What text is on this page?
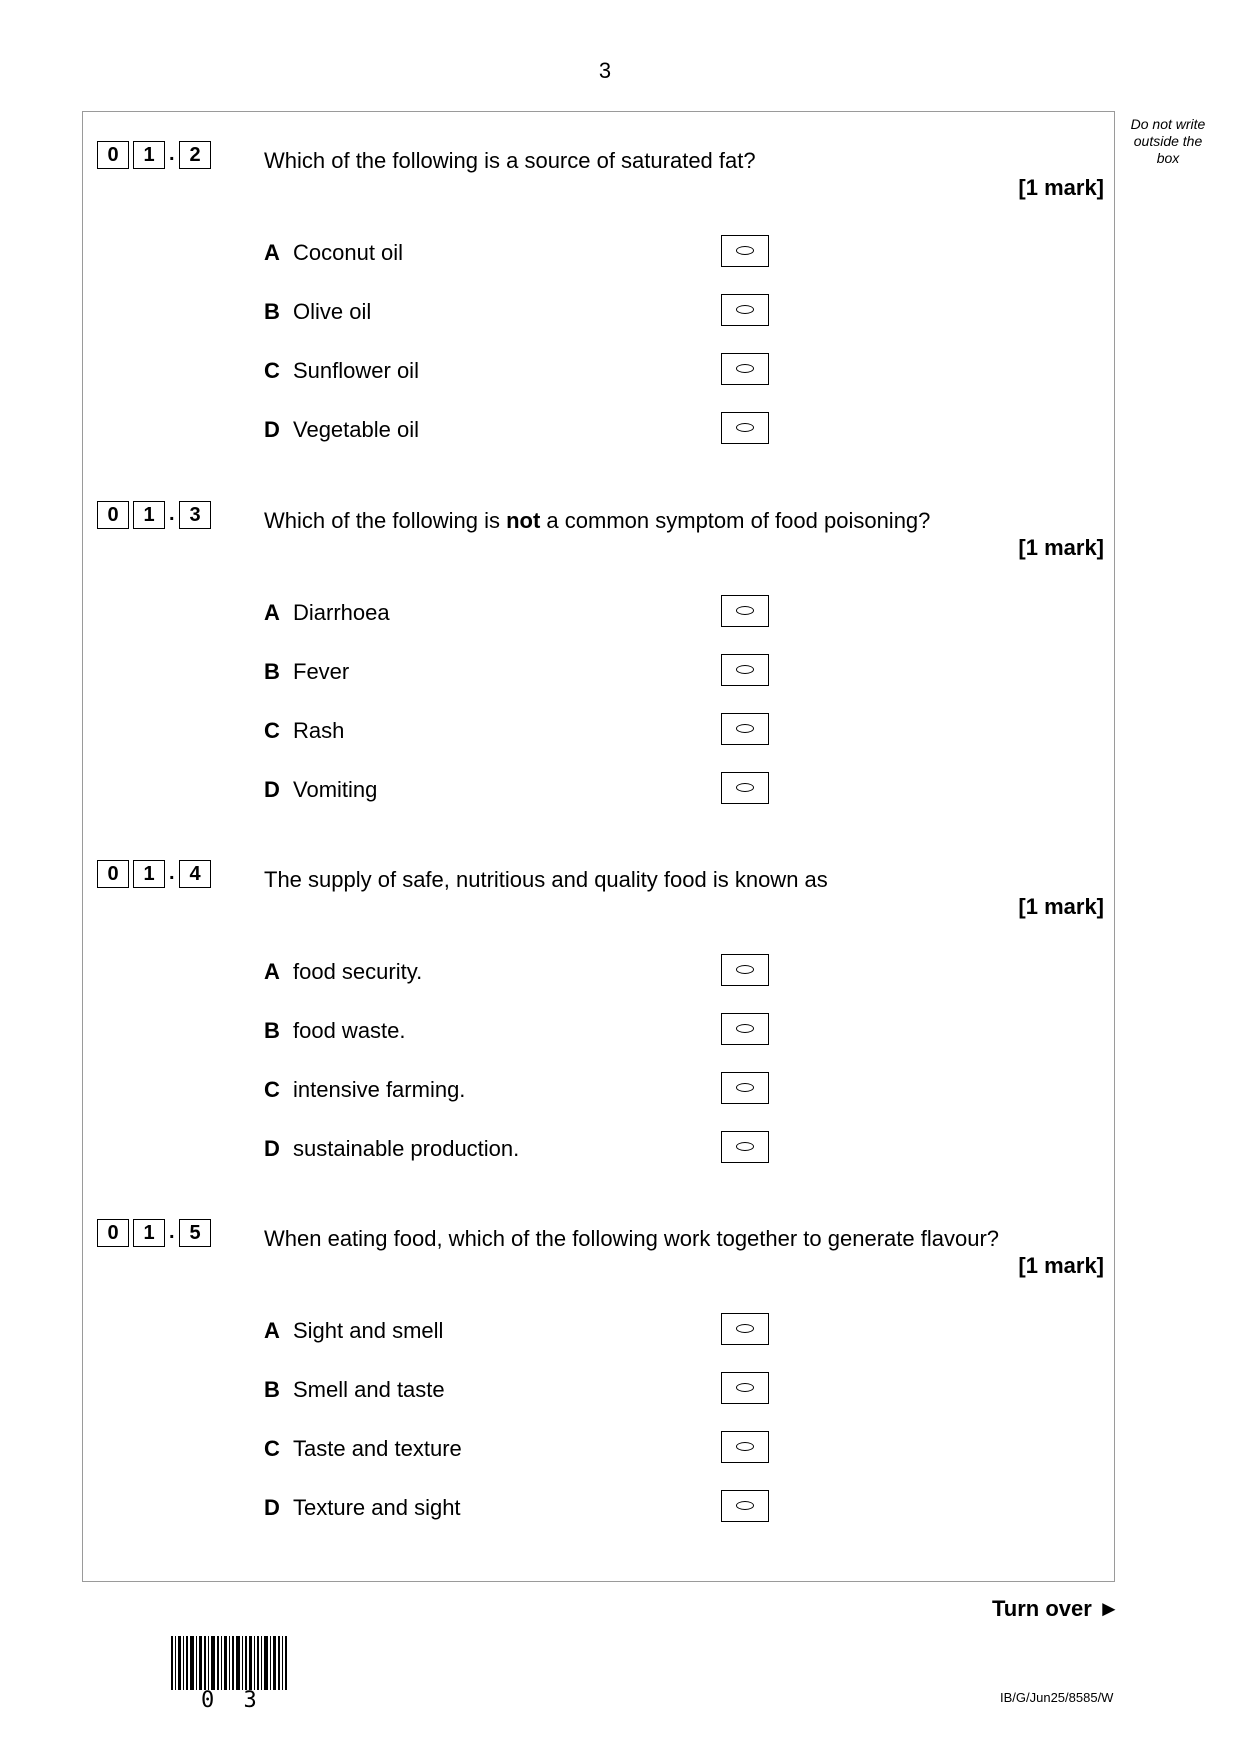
3
Do not write
outside the
box
0	1 . 2	Which of the following is a source of saturated fat?
[1 mark]
A Coconut oil
B Olive oil
C Sunflower oil
D Vegetable oil
0	1 . 3	Which of the following is not a common symptom of food poisoning?
[1 mark]
A Diarrhoea
B Fever
C Rash
D Vomiting
0	1 . 4	The supply of safe, nutritious and quality food is known as
[1 mark]
A food security.
B food waste.
C intensive farming.
D sustainable production.
0	1 . 5	When eating food, which of the following work together to generate flavour?
[1 mark]
A Sight and smell
B Smell and taste
C Taste and texture
D Texture and sight
Turn over ►
0 3	IB/G/Jun25/8585/W
